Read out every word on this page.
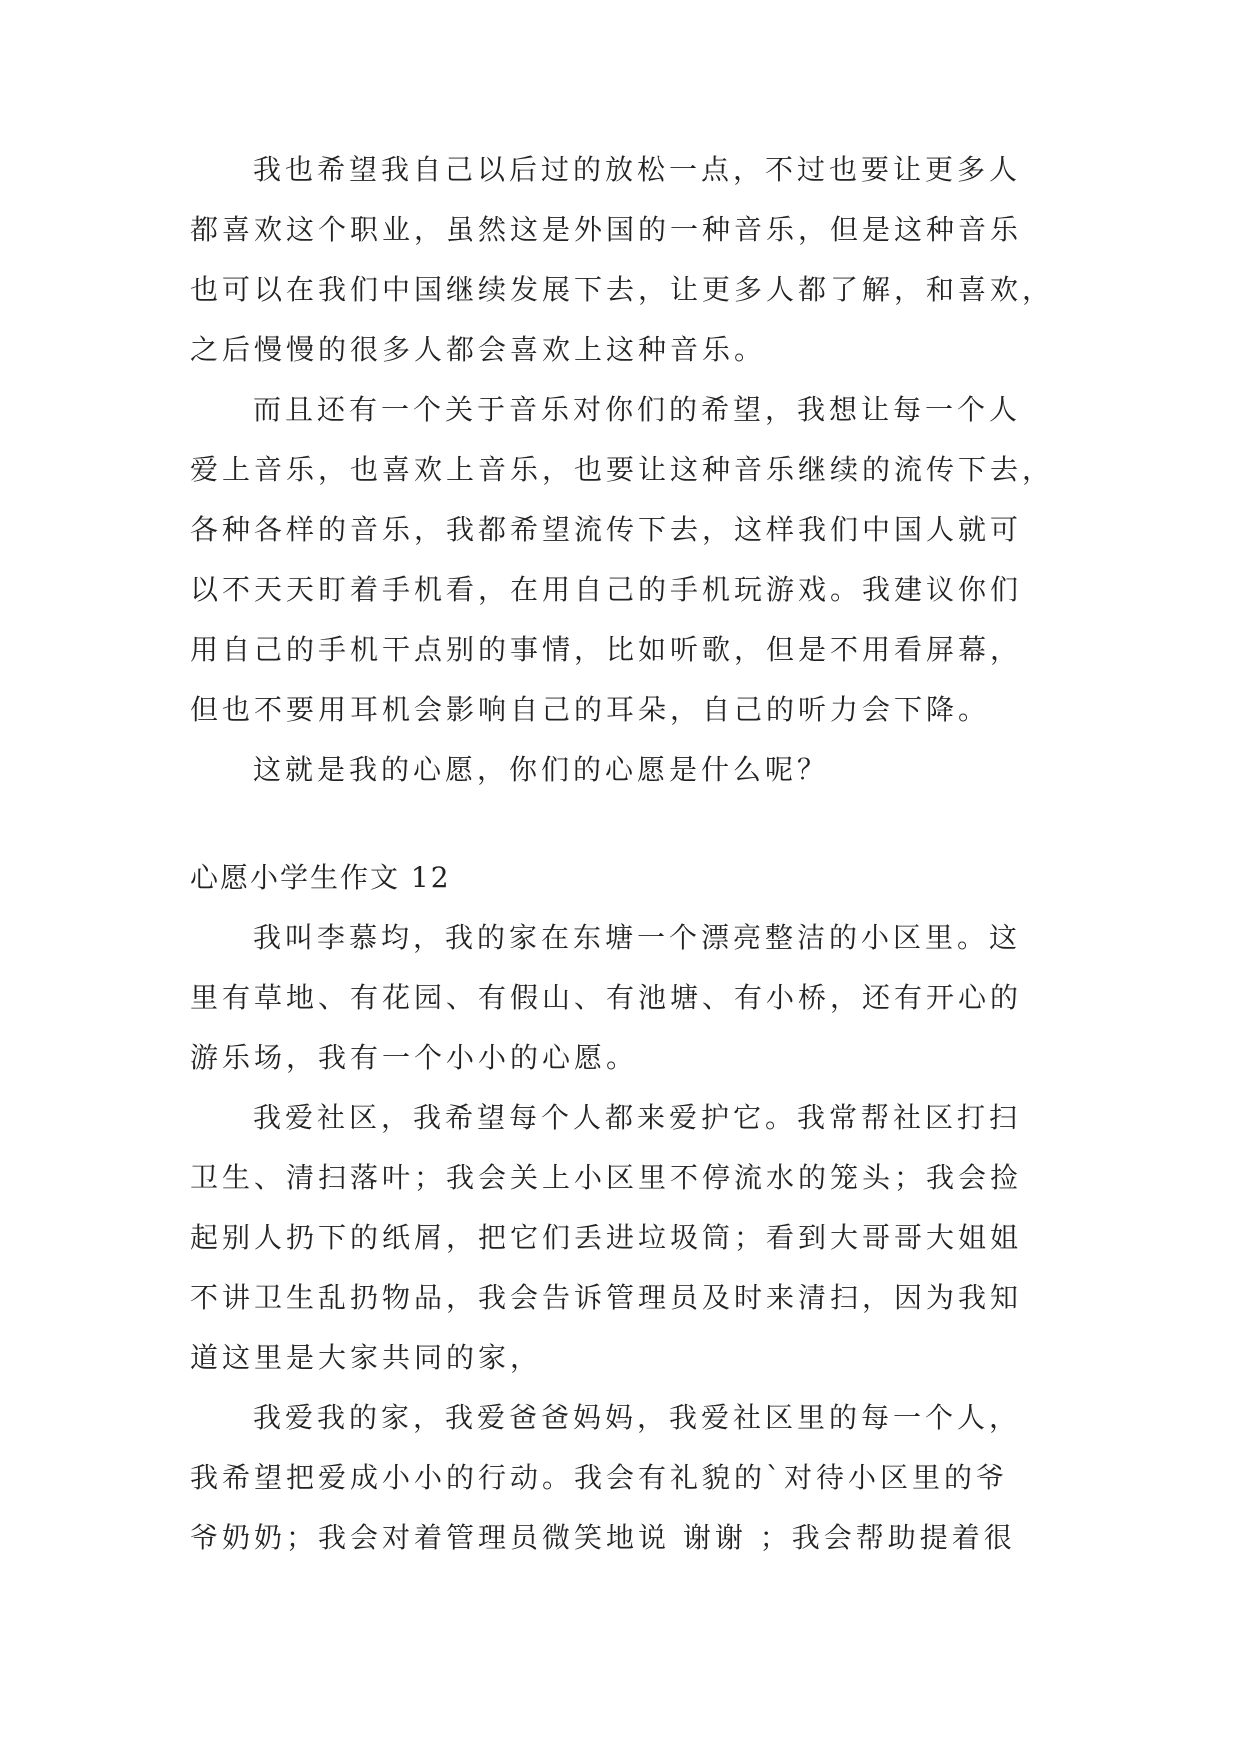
我也希望我自己以后过的放松一点，不过也要让更多人

都喜欢这个职业，虽然这是外国的一种音乐，但是这种音乐

也可以在我们中国继续发展下去，让更多人都了解，和喜欢，

之后慢慢的很多人都会喜欢上这种音乐。

而且还有一个关于音乐对你们的希望，我想让每一个人

爱上音乐，也喜欢上音乐，也要让这种音乐继续的流传下去，

各种各样的音乐，我都希望流传下去，这样我们中国人就可

以不天天盯着手机看，在用自己的手机玩游戏。我建议你们

用自己的手机干点别的事情，比如听歌，但是不用看屏幕，

但也不要用耳机会影响自己的耳朵，自己的听力会下降。

这就是我的心愿，你们的心愿是什么呢？

心愿小学生作文 12

我叫李慕均，我的家在东塘一个漂亮整洁的小区里。这

里有草地、有花园、有假山、有池塘、有小桥，还有开心的

游乐场，我有一个小小的心愿。

我爱社区，我希望每个人都来爱护它。我常帮社区打扫

卫生、清扫落叶；我会关上小区里不停流水的笼头；我会捡

起别人扔下的纸屑，把它们丢进垃圾筒；看到大哥哥大姐姐

不讲卫生乱扔物品，我会告诉管理员及时来清扫，因为我知

道这里是大家共同的家，

我爱我的家，我爱爸爸妈妈，我爱社区里的每一个人，

我希望把爱成小小的行动。我会有礼貌的`对待小区里的爷

爷奶奶；我会对着管理员微笑地说 谢谢 ；我会帮助提着很
